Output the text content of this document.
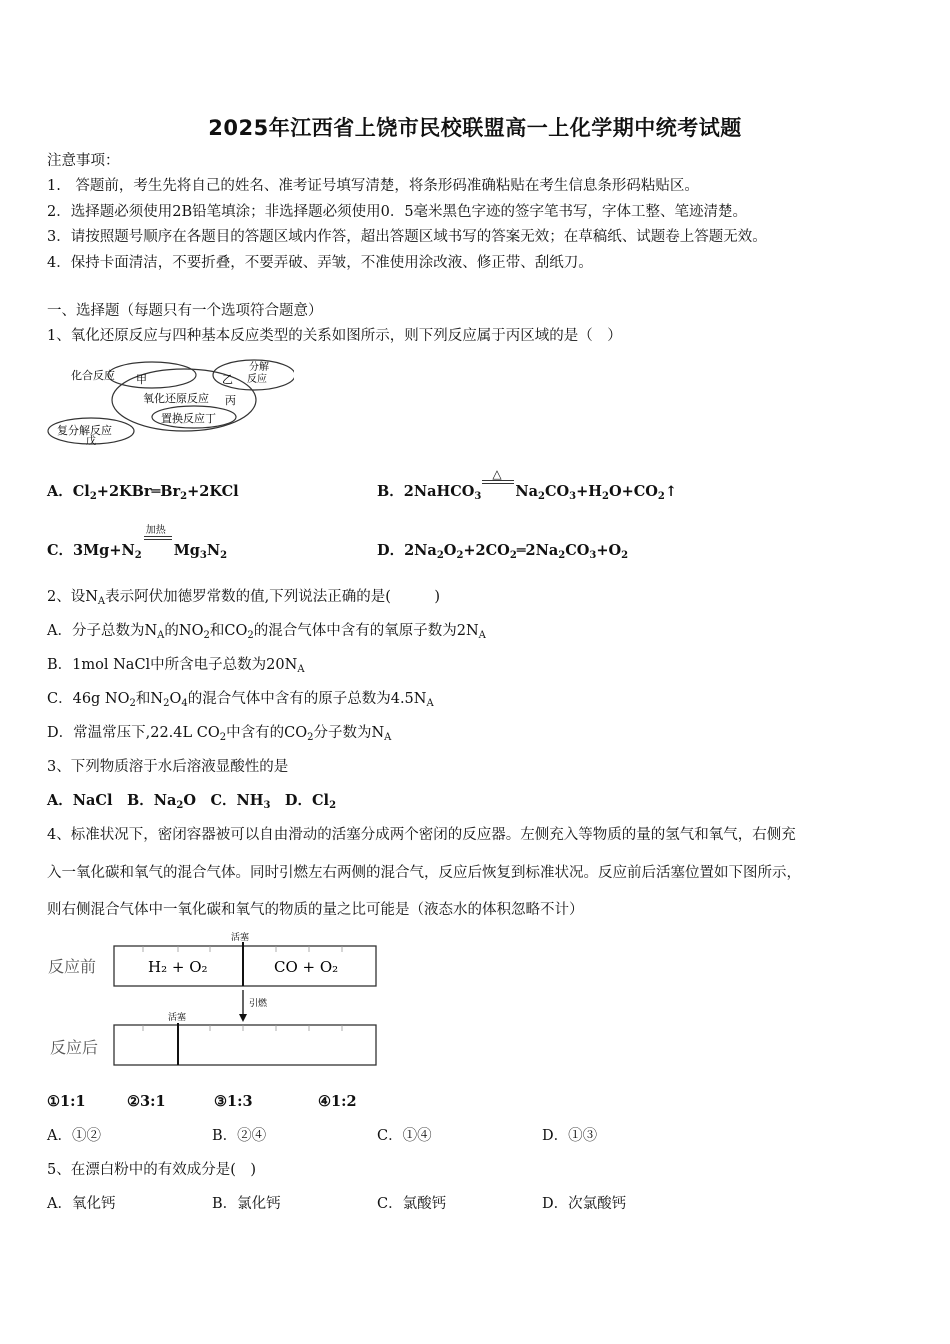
2025年江西省上饶市民校联盟高一上化学期中统考试题
注意事项：
1.　答题前，考生先将自己的姓名、准考证号填写清楚，将条形码准确粘贴在考生信息条形码粘贴区。
2．选择题必须使用2B铅笔填涂；非选择题必须使用0．5毫米黑色字迹的签字笔书写，字体工整、笔迹清楚。
3．请按照题号顺序在各题目的答题区域内作答，超出答题区域书写的答案无效；在草稿纸、试题卷上答题无效。
4．保持卡面清洁，不要折叠，不要弄破、弄皱，不准使用涂改液、修正带、刮纸刀。
一、选择题（每题只有一个选项符合题意）
1、氧化还原反应与四种基本反应类型的关系如图所示，则下列反应属于丙区域的是（　）
化合反应 甲
分解
反应
乙
氧化还原反应 丙
置换反应丁
复分解反应
戊
A．$Cl_2+2KBr═Br_2+2KCl$	B．2NaHCO$_3$
△
$Na_2CO_3+H_2O+CO_2↑$
C．$3Mg+N_2$
加热
$Mg_3N_2$	D．$2Na_2O_2+2CO_2═2Na_2CO_3+O_2$
2、设$N_A$表示阿伏加德罗常数的值,下列说法正确的是(　　　)
A．分子总数为$N_A$的$NO_2$和$CO_2$的混合气体中含有的氧原子数为$2N_A$
B．1mol NaCl中所含电子总数为$20N_A$
C．46g $NO_2$和$N_2O_4$的混合气体中含有的原子总数为$4.5N_A$
D．常温常压下,22.4L $CO_2$中含有的$CO_2$分子数为$N_A$
3、下列物质溶于水后溶液显酸性的是
A．NaCl　B．$Na_2O$　C．$NH_3$　D．$Cl_2$
4、标准状况下，密闭容器被可以自由滑动的活塞分成两个密闭的反应器。左侧充入等物质的量的氢气和氧气，右侧充
入一氧化碳和氧气的混合气体。同时引燃左右两侧的混合气，反应后恢复到标准状况。反应前后活塞位置如下图所示，
则右侧混合气体中一氧化碳和氧气的物质的量之比可能是（液态水的体积忽略不计）
反应前
活塞
H₂ + O₂	CO + O₂
引燃
活塞
反应后
①1:1	②3:1	③1:3	④1:2
A．①②	B．②④	C．①④	D．①③
5、在漂白粉中的有效成分是(　)
A．氧化钙	B．氯化钙	C．氯酸钙	D．次氯酸钙
